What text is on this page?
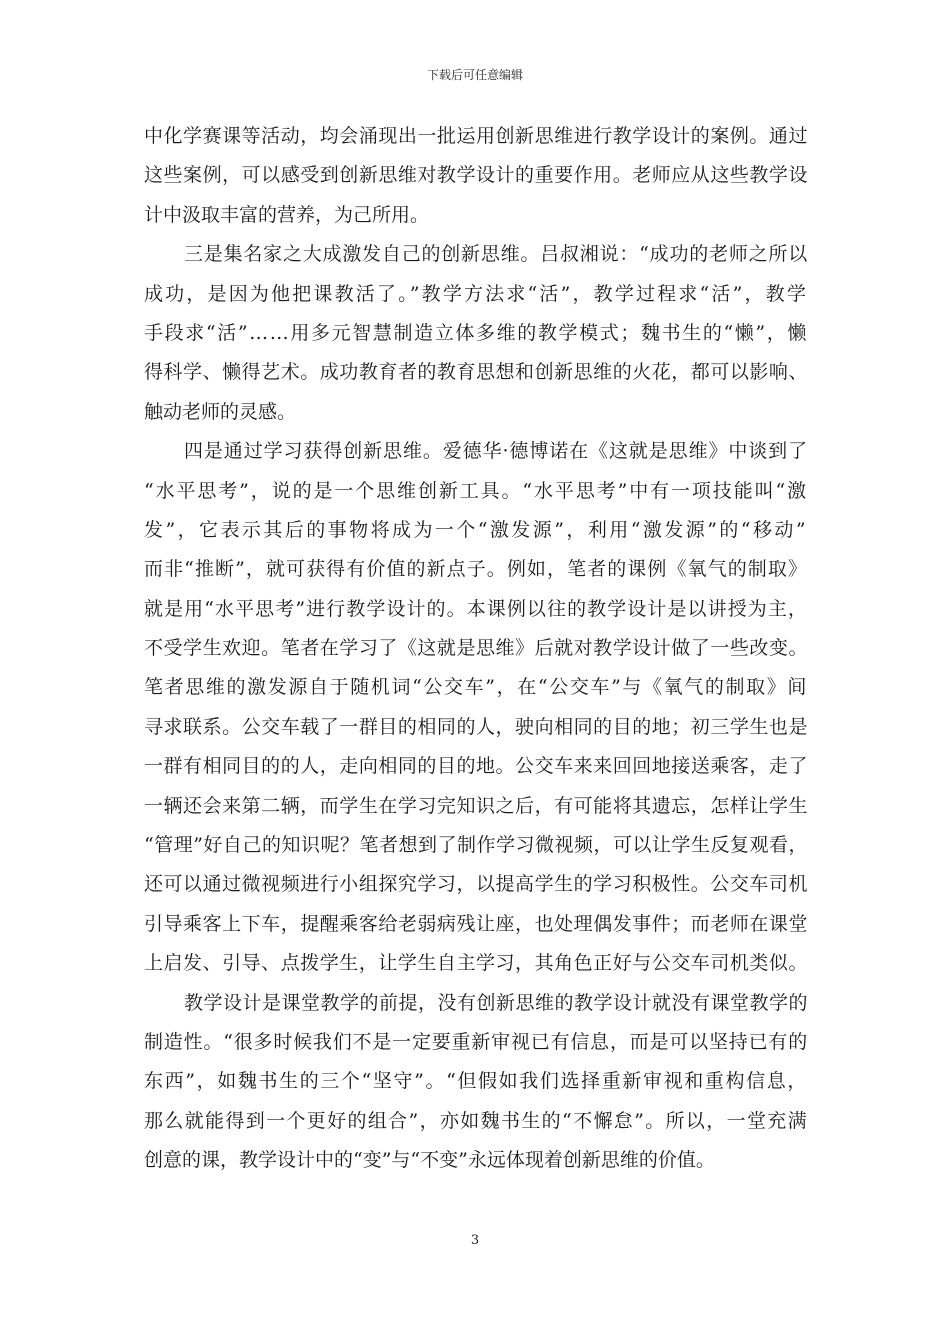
下载后可任意编辑
中化学赛课等活动，均会涌现出一批运用创新思维进行教学设计的案例。通过
这些案例，可以感受到创新思维对教学设计的重要作用。老师应从这些教学设
计中汲取丰富的营养，为己所用。
三是集名家之大成激发自己的创新思维。吕叔湘说：“成功的老师之所以
成功，是因为他把课教活了。”教学方法求“活”，教学过程求“活”，教学
手段求“活”……用多元智慧制造立体多维的教学模式；魏书生的“懒”，懒
得科学、懒得艺术。成功教育者的教育思想和创新思维的火花，都可以影响、
触动老师的灵感。
四是通过学习获得创新思维。爱德华·德博诺在《这就是思维》中谈到了
“水平思考”，说的是一个思维创新工具。“水平思考”中有一项技能叫“激
发”，它表示其后的事物将成为一个“激发源”，利用“激发源”的“移动”
而非“推断”，就可获得有价值的新点子。例如，笔者的课例《氧气的制取》
就是用“水平思考”进行教学设计的。本课例以往的教学设计是以讲授为主，
不受学生欢迎。笔者在学习了《这就是思维》后就对教学设计做了一些改变。
笔者思维的激发源自于随机词“公交车”，在“公交车”与《氧气的制取》间
寻求联系。公交车载了一群目的相同的人，驶向相同的目的地；初三学生也是
一群有相同目的的人，走向相同的目的地。公交车来来回回地接送乘客，走了
一辆还会来第二辆，而学生在学习完知识之后，有可能将其遗忘，怎样让学生
“管理”好自己的知识呢？笔者想到了制作学习微视频，可以让学生反复观看，
还可以通过微视频进行小组探究学习，以提高学生的学习积极性。公交车司机
引导乘客上下车，提醒乘客给老弱病残让座，也处理偶发事件；而老师在课堂
上启发、引导、点拨学生，让学生自主学习，其角色正好与公交车司机类似。
教学设计是课堂教学的前提，没有创新思维的教学设计就没有课堂教学的
制造性。“很多时候我们不是一定要重新审视已有信息，而是可以坚持已有的
东西”，如魏书生的三个“坚守”。“但假如我们选择重新审视和重构信息，
那么就能得到一个更好的组合”，亦如魏书生的“不懈怠”。所以，一堂充满
创意的课，教学设计中的“变”与“不变”永远体现着创新思维的价值。
3
